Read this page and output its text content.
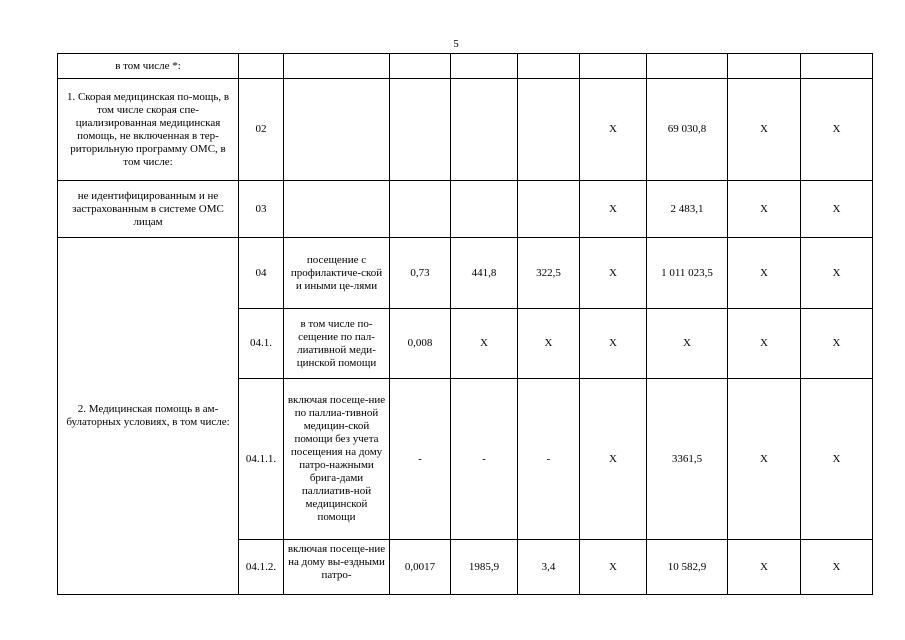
5
в том числе *:									
1. Скорая медицинская по-мощь, в том числе скорая спе-циализированная медицинская помощь, не включенная в тер-риторильную программу ОМС, в том числе:	02					X	69 030,8	X	X
не идентифицированным и не застрахованным в системе ОМС лицам	03					X	2 483,1	X	X
2. Медицинская помощь в ам-булаторных условиях, в том числе:	04	посещение с профилактиче-ской и иными це-лями	0,73	441,8	322,5	X	1 011 023,5	X	X
	04.1.	в том числе по-сещение по пал-лиативной меди-цинской помощи	0,008	X	X	X	X	X	X
	04.1.1.	включая посеще-ние по паллиа-тивной медицин-ской помощи без учета посещения на дому патро-нажными брига-дами паллиатив-ной медицинской помощи	-	-	-	X	3361,5	X	X
	04.1.2.	включая посеще-ние на дому вы-ездными патро-	0,0017	1985,9	3,4	X	10 582,9	X	X
